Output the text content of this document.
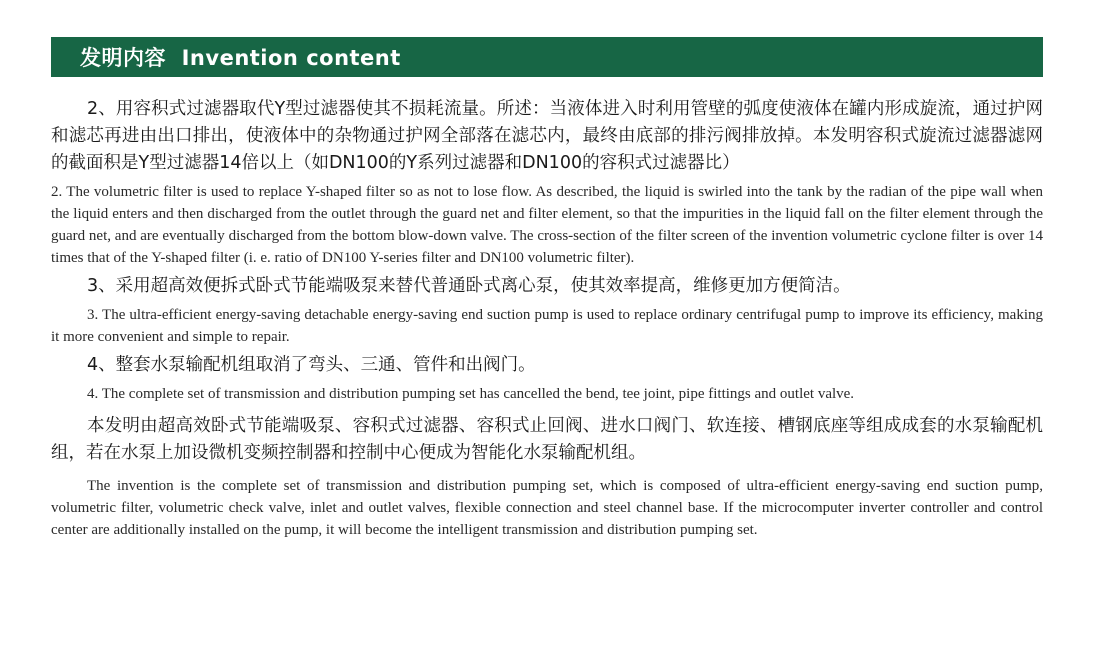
发明内容  Invention content

2、用容积式过滤器取代Y型过滤器使其不损耗流量。所述：当液体进入时利用管壁的弧度使液体在罐内形成旋流，通过护网和滤芯再进由出口排出，使液体中的杂物通过护网全部落在滤芯内，最终由底部的排污阀排放掉。本发明容积式旋流过滤器滤网的截面积是Y型过滤器14倍以上（如DN100的Y系列过滤器和DN100的容积式过滤器比）

2. The volumetric filter is used to replace Y-shaped filter so as not to lose flow. As described, the liquid is swirled into the tank by the radian of the pipe wall when the liquid enters and then discharged from the outlet through the guard net and filter element, so that the impurities in the liquid fall on the filter element through the guard net, and are eventually discharged from the bottom blow-down valve. The cross-section of the filter screen of the invention volumetric cyclone filter is over 14 times that of the Y-shaped filter (i. e. ratio of DN100 Y-series filter and DN100 volumetric filter).

3、采用超高效便拆式卧式节能端吸泵来替代普通卧式离心泵，使其效率提高，维修更加方便简洁。

3. The ultra-efficient energy-saving detachable energy-saving end suction pump is used to replace ordinary centrifugal pump to improve its efficiency, making it more convenient and simple to repair.

4、整套水泵输配机组取消了弯头、三通、管件和出阀门。

4. The complete set of transmission and distribution pumping set has cancelled the bend, tee joint, pipe fittings and outlet valve.

本发明由超高效卧式节能端吸泵、容积式过滤器、容积式止回阀、进水口阀门、软连接、槽钢底座等组成成套的水泵输配机组，若在水泵上加设微机变频控制器和控制中心便成为智能化水泵输配机组。

The invention is the complete set of transmission and distribution pumping set, which is composed of ultra-efficient energy-saving end suction pump, volumetric filter, volumetric check valve, inlet and outlet valves, flexible connection and steel channel base. If the microcomputer inverter controller and control center are additionally installed on the pump, it will become the intelligent transmission and distribution pumping set.
